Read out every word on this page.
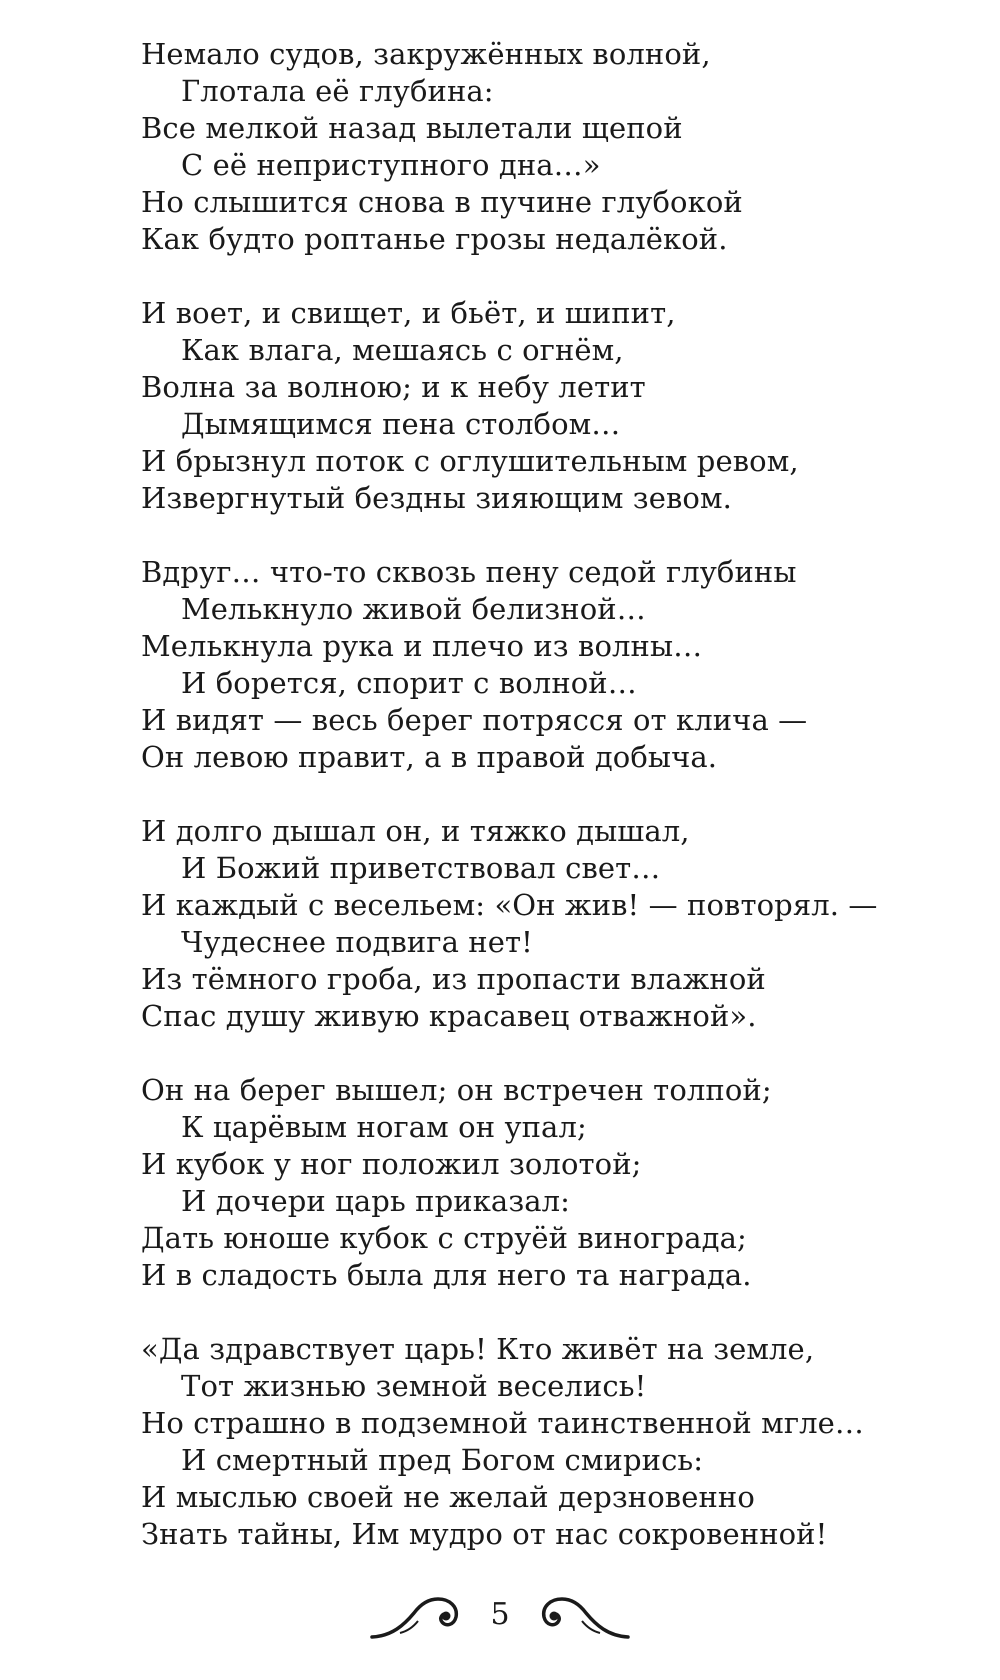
Немало судов, закружённых волной,
Глотала её глубина:
Все мелкой назад вылетали щепой
С её неприступного дна…»
Но слышится снова в пучине глубокой
Как будто роптанье грозы недалёкой.
И воет, и свищет, и бьёт, и шипит,
Как влага, мешаясь с огнём,
Волна за волною; и к небу летит
Дымящимся пена столбом…
И брызнул поток с оглушительным ревом,
Извергнутый бездны зияющим зевом.
Вдруг… что-то сквозь пену седой глубины
Мелькнуло живой белизной…
Мелькнула рука и плечо из волны…
И борется, спорит с волной…
И видят — весь берег потрясся от клича —
Он левою правит, а в правой добыча.
И долго дышал он, и тяжко дышал,
И Божий приветствовал свет…
И каждый с весельем: «Он жив! — повторял. —
Чудеснее подвига нет!
Из тёмного гроба, из пропасти влажной
Спас душу живую красавец отважной».
Он на берег вышел; он встречен толпой;
К царёвым ногам он упал;
И кубок у ног положил золотой;
И дочери царь приказал:
Дать юноше кубок с струёй винограда;
И в сладость была для него та награда.
«Да здравствует царь! Кто живёт на земле,
Тот жизнью земной веселись!
Но страшно в подземной таинственной мгле…
И смертный пред Богом смирись:
И мыслью своей не желай дерзновенно
Знать тайны, Им мудро от нас сокровенной!
5
